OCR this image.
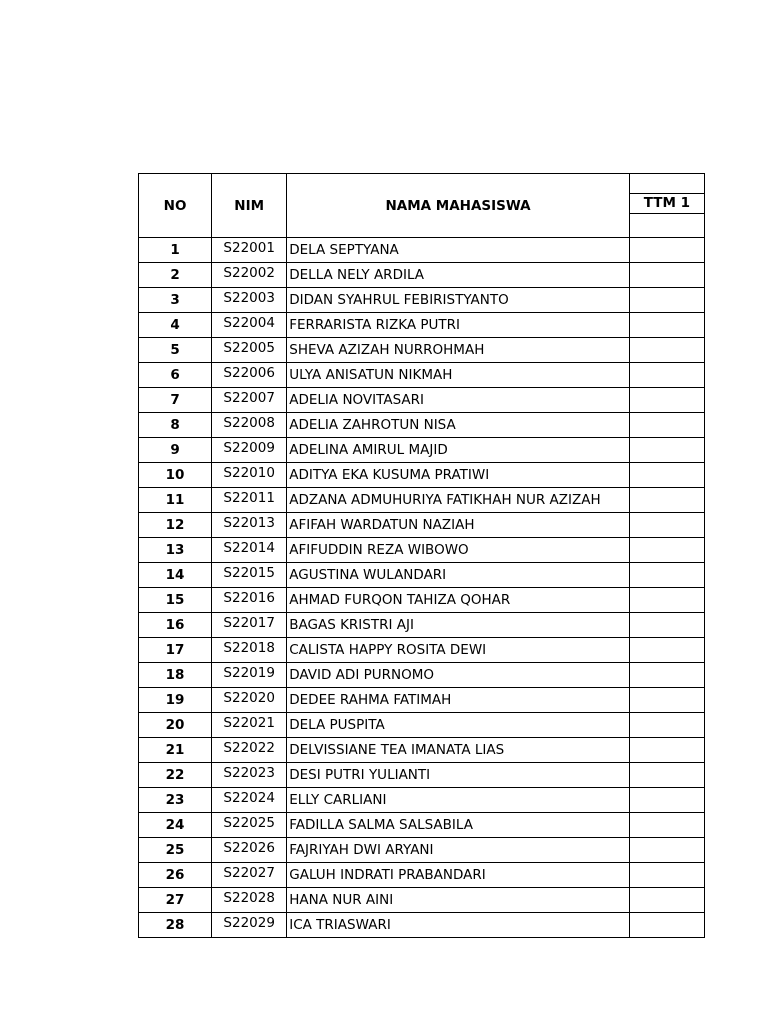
NO	NIM	NAMA MAHASISWA	TTM 1

1	S22001	DELA SEPTYANA	
2	S22002	DELLA NELY ARDILA	
3	S22003	DIDAN SYAHRUL FEBIRISTYANTO	
4	S22004	FERRARISTA RIZKA PUTRI	
5	S22005	SHEVA AZIZAH NURROHMAH	
6	S22006	ULYA ANISATUN NIKMAH	
7	S22007	ADELIA NOVITASARI	
8	S22008	ADELIA ZAHROTUN NISA	
9	S22009	ADELINA AMIRUL MAJID	
10	S22010	ADITYA EKA KUSUMA PRATIWI	
11	S22011	ADZANA ADMUHURIYA FATIKHAH NUR AZIZAH	
12	S22013	AFIFAH WARDATUN NAZIAH	
13	S22014	AFIFUDDIN REZA WIBOWO	
14	S22015	AGUSTINA WULANDARI	
15	S22016	AHMAD FURQON TAHIZA QOHAR	
16	S22017	BAGAS KRISTRI AJI	
17	S22018	CALISTA HAPPY ROSITA DEWI	
18	S22019	DAVID ADI PURNOMO	
19	S22020	DEDEE RAHMA FATIMAH	
20	S22021	DELA PUSPITA	
21	S22022	DELVISSIANE TEA IMANATA LIAS	
22	S22023	DESI PUTRI YULIANTI	
23	S22024	ELLY CARLIANI	
24	S22025	FADILLA SALMA SALSABILA	
25	S22026	FAJRIYAH DWI ARYANI	
26	S22027	GALUH INDRATI PRABANDARI	
27	S22028	HANA NUR AINI	
28	S22029	ICA TRIASWARI	
